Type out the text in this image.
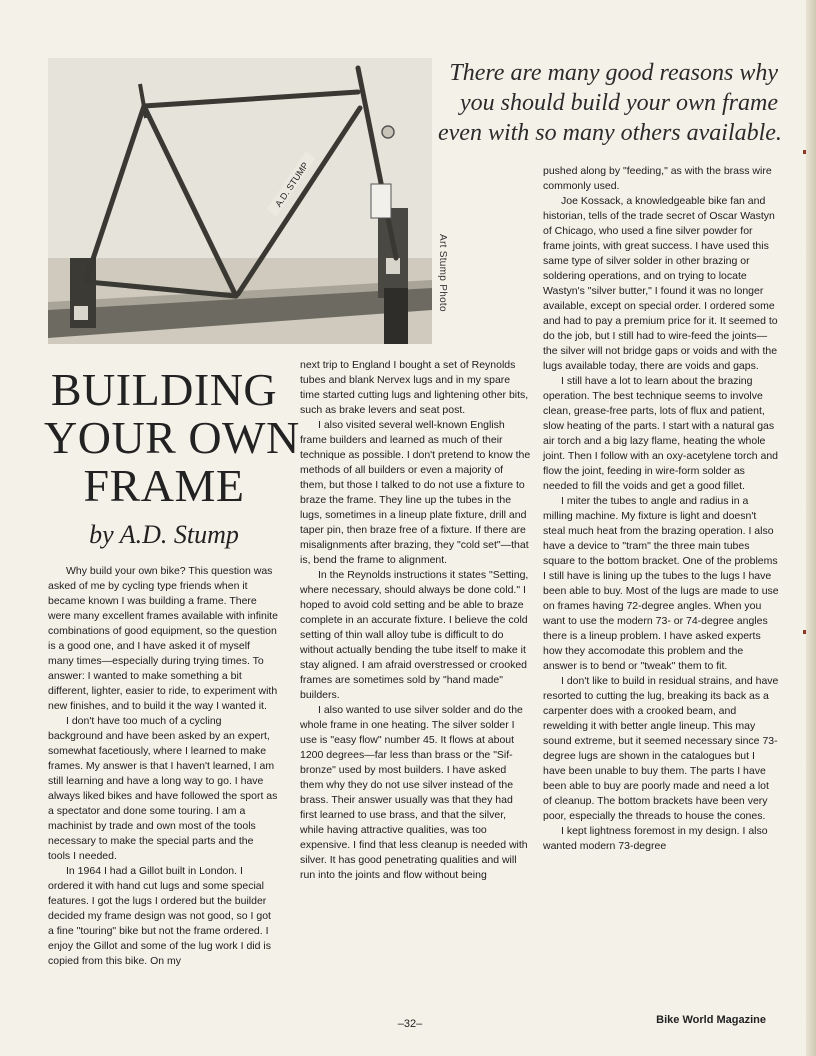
A.D. STUMP
Art Stump Photo
There are many good reasons why
you should build your own frame
even with so many others available.
BUILDING
YOUR OWN
FRAME
by A.D. Stump

Why build your own bike? This question was asked of me by cycling type friends when it became known I was building a frame. There were many excellent frames available with infinite combinations of good equipment, so the question is a good one, and I have asked it of myself many times—especially during trying times. To answer: I wanted to make something a bit different, lighter, easier to ride, to experiment with new finishes, and to build it the way I wanted it.

I don't have too much of a cycling background and have been asked by an expert, somewhat facetiously, where I learned to make frames. My answer is that I haven't learned, I am still learning and have a long way to go. I have always liked bikes and have followed the sport as a spectator and done some touring. I am a machinist by trade and own most of the tools necessary to make the special parts and the tools I needed.

In 1964 I had a Gillot built in London. I ordered it with hand cut lugs and some special features. I got the lugs I ordered but the builder decided my frame design was not good, so I got a fine "touring" bike but not the frame ordered. I enjoy the Gillot and some of the lug work I did is copied from this bike. On my

next trip to England I bought a set of Reynolds tubes and blank Nervex lugs and in my spare time started cutting lugs and lightening other bits, such as brake levers and seat post.

I also visited several well-known English frame builders and learned as much of their technique as possible. I don't pretend to know the methods of all builders or even a majority of them, but those I talked to do not use a fixture to braze the frame. They line up the tubes in the lugs, sometimes in a lineup plate fixture, drill and taper pin, then braze free of a fixture. If there are misalignments after brazing, they "cold set"—that is, bend the frame to alignment.

In the Reynolds instructions it states "Setting, where necessary, should always be done cold." I hoped to avoid cold setting and be able to braze complete in an accurate fixture. I believe the cold setting of thin wall alloy tube is difficult to do without actually bending the tube itself to make it stay aligned. I am afraid overstressed or crooked frames are sometimes sold by "hand made" builders.

I also wanted to use silver solder and do the whole frame in one heating. The silver solder I use is "easy flow" number 45. It flows at about 1200 degrees—far less than brass or the "Sif-bronze" used by most builders. I have asked them why they do not use silver instead of the brass. Their answer usually was that they had first learned to use brass, and that the silver, while having attractive qualities, was too expensive. I find that less cleanup is needed with silver. It has good penetrating qualities and will run into the joints and flow without being

pushed along by "feeding," as with the brass wire commonly used.

Joe Kossack, a knowledgeable bike fan and historian, tells of the trade secret of Oscar Wastyn of Chicago, who used a fine silver powder for frame joints, with great success. I have used this same type of silver solder in other brazing or soldering operations, and on trying to locate Wastyn's "silver butter," I found it was no longer available, except on special order. I ordered some and had to pay a premium price for it. It seemed to do the job, but I still had to wire-feed the joints—the silver will not bridge gaps or voids and with the lugs available today, there are voids and gaps.

I still have a lot to learn about the brazing operation. The best technique seems to involve clean, grease-free parts, lots of flux and patient, slow heating of the parts. I start with a natural gas air torch and a big lazy flame, heating the whole joint. Then I follow with an oxy-acetylene torch and flow the joint, feeding in wire-form solder as needed to fill the voids and get a good fillet.

I miter the tubes to angle and radius in a milling machine. My fixture is light and doesn't steal much heat from the brazing operation. I also have a device to "tram" the three main tubes square to the bottom bracket. One of the problems I still have is lining up the tubes to the lugs I have been able to buy. Most of the lugs are made to use on frames having 72-degree angles. When you want to use the modern 73- or 74-degree angles there is a lineup problem. I have asked experts how they accomodate this problem and the answer is to bend or "tweak" them to fit.

I don't like to build in residual strains, and have resorted to cutting the lug, breaking its back as a carpenter does with a crooked beam, and rewelding it with better angle lineup. This may sound extreme, but it seemed necessary since 73-degree lugs are shown in the catalogues but I have been unable to buy them. The parts I have been able to buy are poorly made and need a lot of cleanup. The bottom brackets have been very poor, especially the threads to house the cones.

I kept lightness foremost in my design. I also wanted modern 73-degree

–32–	Bike World Magazine
